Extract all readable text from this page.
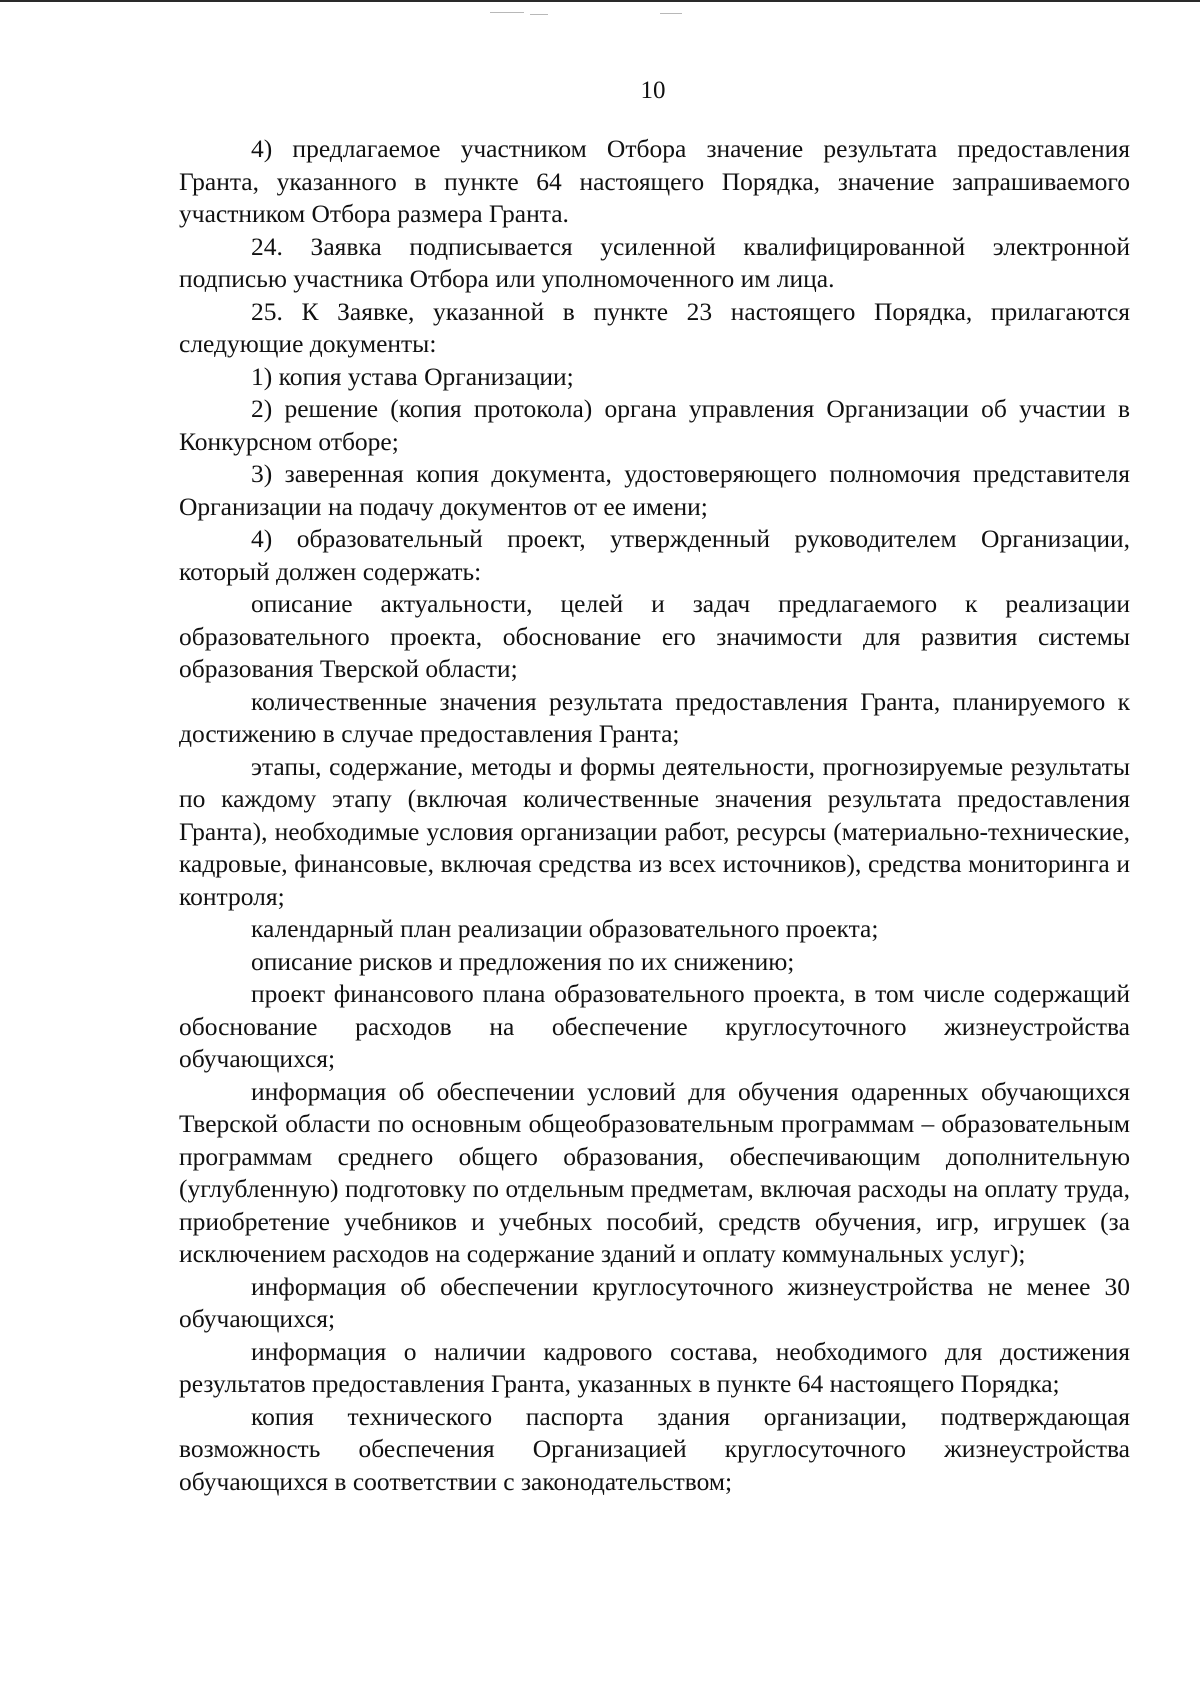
10

4) предлагаемое участником Отбора значение результата предоставления Гранта, указанного в пункте 64 настоящего Порядка, значение запрашиваемого участником Отбора размера Гранта.

24. Заявка подписывается усиленной квалифицированной электронной подписью участника Отбора или уполномоченного им лица.

25. К Заявке, указанной в пункте 23 настоящего Порядка, прилагаются следующие документы:

1) копия устава Организации;

2) решение (копия протокола) органа управления Организации об участии в Конкурсном отборе;

3) заверенная копия документа, удостоверяющего полномочия представителя Организации на подачу документов от ее имени;

4) образовательный проект, утвержденный руководителем Организации, который должен содержать:

описание актуальности, целей и задач предлагаемого к реализации образовательного проекта, обоснование его значимости для развития системы образования Тверской области;

количественные значения результата предоставления Гранта, планируемого к достижению в случае предоставления Гранта;

этапы, содержание, методы и формы деятельности, прогнозируемые результаты по каждому этапу (включая количественные значения результата предоставления Гранта), необходимые условия организации работ, ресурсы (материально-технические, кадровые, финансовые, включая средства из всех источников), средства мониторинга и контроля;

календарный план реализации образовательного проекта;

описание рисков и предложения по их снижению;

проект финансового плана образовательного проекта, в том числе содержащий обоснование расходов на обеспечение круглосуточного жизнеустройства обучающихся;

информация об обеспечении условий для обучения одаренных обучающихся Тверской области по основным общеобразовательным программам – образовательным программам среднего общего образования, обеспечивающим дополнительную (углубленную) подготовку по отдельным предметам, включая расходы на оплату труда, приобретение учебников и учебных пособий, средств обучения, игр, игрушек (за исключением расходов на содержание зданий и оплату коммунальных услуг);

информация об обеспечении круглосуточного жизнеустройства не менее 30 обучающихся;

информация о наличии кадрового состава, необходимого для достижения результатов предоставления Гранта, указанных в пункте 64 настоящего Порядка;

копия технического паспорта здания организации, подтверждающая возможность обеспечения Организацией круглосуточного жизнеустройства обучающихся в соответствии с законодательством;
